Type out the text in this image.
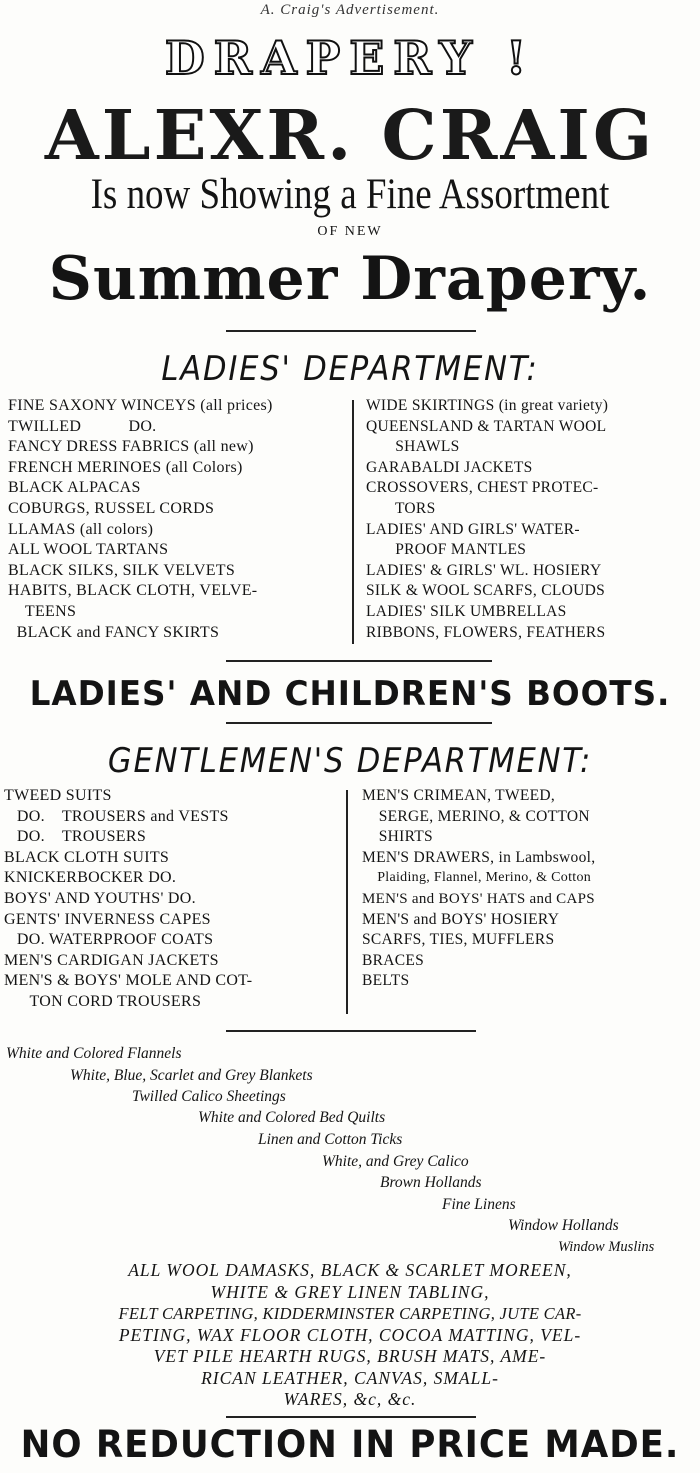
A. Craig's Advertisement.
DRAPERY !
ALEXR. CRAIG
Is now Showing a Fine Assortment
OF NEW
Summer Drapery.
LADIES' DEPARTMENT:
FINE SAXONY WINCEYS (all prices)
TWILLED           DO.
FANCY DRESS FABRICS (all new)
FRENCH MERINOES (all Colors)
BLACK ALPACAS
COBURGS, RUSSEL CORDS
LLAMAS (all colors)
ALL WOOL TARTANS
BLACK SILKS, SILK VELVETS
HABITS, BLACK CLOTH, VELVE-
TEENS
BLACK and FANCY SKIRTS
WIDE SKIRTINGS (in great variety)
QUEENSLAND & TARTAN WOOL
SHAWLS
GARABALDI JACKETS
CROSSOVERS, CHEST PROTEC-
TORS
LADIES' AND GIRLS' WATER-
PROOF MANTLES
LADIES' & GIRLS' WL. HOSIERY
SILK & WOOL SCARFS, CLOUDS
LADIES' SILK UMBRELLAS
RIBBONS, FLOWERS, FEATHERS
LADIES' AND CHILDREN'S BOOTS.
GENTLEMEN'S DEPARTMENT:
TWEED SUITS
DO.    TROUSERS and VESTS
DO.    TROUSERS
BLACK CLOTH SUITS
KNICKERBOCKER DO.
BOYS' AND YOUTHS' DO.
GENTS' INVERNESS CAPES
DO. WATERPROOF COATS
MEN'S CARDIGAN JACKETS
MEN'S & BOYS' MOLE AND COT-
TON CORD TROUSERS
MEN'S CRIMEAN, TWEED,
SERGE, MERINO, & COTTON
SHIRTS
MEN'S DRAWERS, in Lambswool,
Plaiding, Flannel, Merino, & Cotton
MEN'S and BOYS' HATS and CAPS
MEN'S and BOYS' HOSIERY
SCARFS, TIES, MUFFLERS
BRACES
BELTS
White and Colored Flannels
White, Blue, Scarlet and Grey Blankets
Twilled Calico Sheetings
White and Colored Bed Quilts
Linen and Cotton Ticks
White, and Grey Calico
Brown Hollands
Fine Linens
Window Hollands
Window Muslins
ALL WOOL DAMASKS, BLACK & SCARLET MOREEN,
WHITE & GREY LINEN TABLING,
FELT CARPETING, KIDDERMINSTER CARPETING, JUTE CAR-
PETING, WAX FLOOR CLOTH, COCOA MATTING, VEL-
VET PILE HEARTH RUGS, BRUSH MATS, AME-
RICAN LEATHER, CANVAS, SMALL-
WARES, &c, &c.
NO REDUCTION IN PRICE MADE.
